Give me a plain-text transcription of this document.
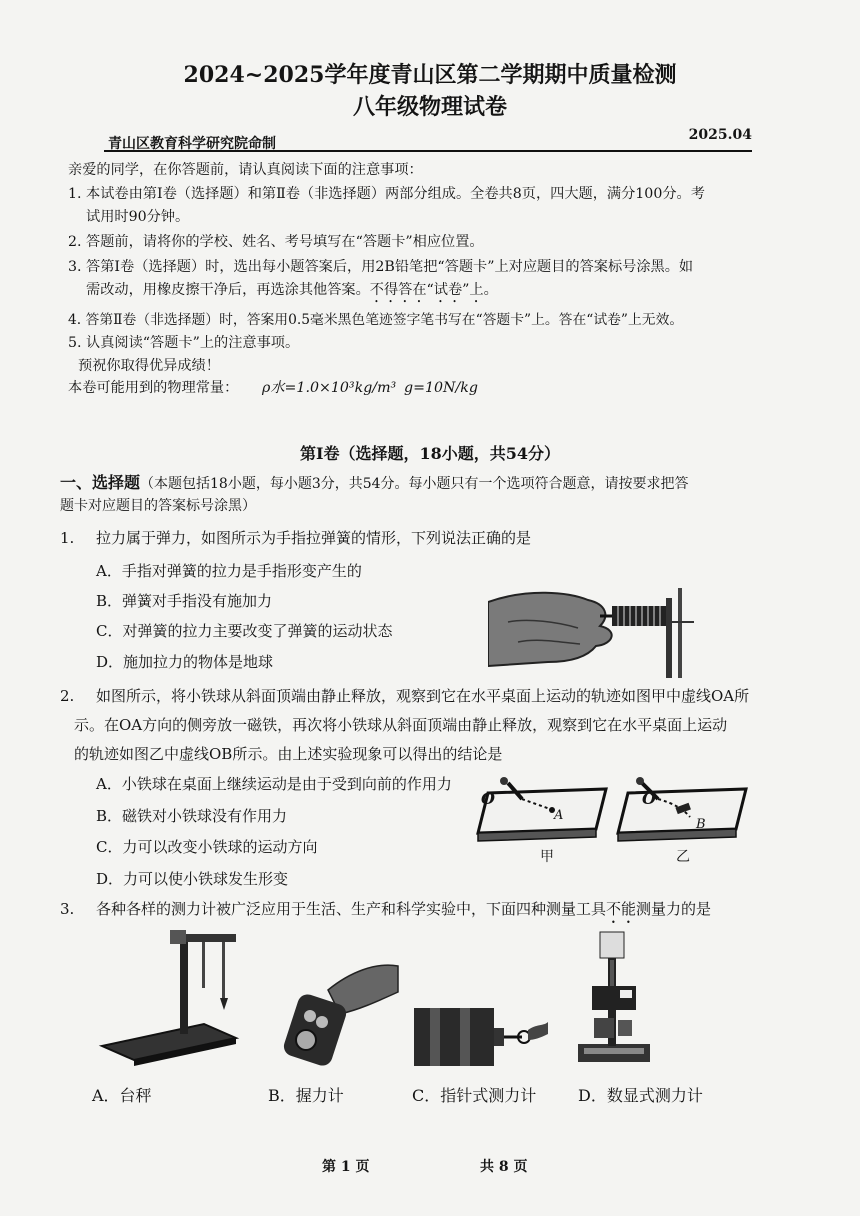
2024~2025学年度青山区第二学期期中质量检测
八年级物理试卷
青山区教育科学研究院命制
2025.04
亲爱的同学，在你答题前，请认真阅读下面的注意事项：
1. 本试卷由第Ⅰ卷（选择题）和第Ⅱ卷（非选择题）两部分组成。全卷共8页，四大题，满分100分。考
试用时90分钟。
2. 答题前，请将你的学校、姓名、考号填写在“答题卡”相应位置。
3. 答第Ⅰ卷（选择题）时，选出每小题答案后，用2B铅笔把“答题卡”上对应题目的答案标号涂黑。如
需改动，用橡皮擦干净后，再选涂其他答案。不得答在“试卷”上。
4. 答第Ⅱ卷（非选择题）时，答案用0.5毫米黑色笔迹签字笔书写在“答题卡”上。答在“试卷”上无效。
5. 认真阅读“答题卡”上的注意事项。
预祝你取得优异成绩！
本卷可能用到的物理常量： ρ水=1.0×10³kg/m³ g=10N/kg
第Ⅰ卷（选择题，18小题，共54分）
一、选择题（本题包括18小题，每小题3分，共54分。每小题只有一个选项符合题意，请按要求把答
题卡对应题目的答案标号涂黑）
1. 拉力属于弹力，如图所示为手指拉弹簧的情形，下列说法正确的是
A．手指对弹簧的拉力是手指形变产生的
B．弹簧对手指没有施加力
C．对弹簧的拉力主要改变了弹簧的运动状态
D．施加拉力的物体是地球
2. 如图所示，将小铁球从斜面顶端由静止释放，观察到它在水平桌面上运动的轨迹如图甲中虚线OA所
示。在OA方向的侧旁放一磁铁，再次将小铁球从斜面顶端由静止释放，观察到它在水平桌面上运动
的轨迹如图乙中虚线OB所示。由上述实验现象可以得出的结论是
A．小铁球在桌面上继续运动是由于受到向前的作用力
B．磁铁对小铁球没有作用力
C．力可以改变小铁球的运动方向
D．力可以使小铁球发生形变
O
A
O
B
甲	乙
3. 各种各样的测力计被广泛应用于生活、生产和科学实验中，下面四种测量工具不能测量力的是
A．台秤	B．握力计	C．指针式测力计	D．数显式测力计
第 1 页	共 8 页
